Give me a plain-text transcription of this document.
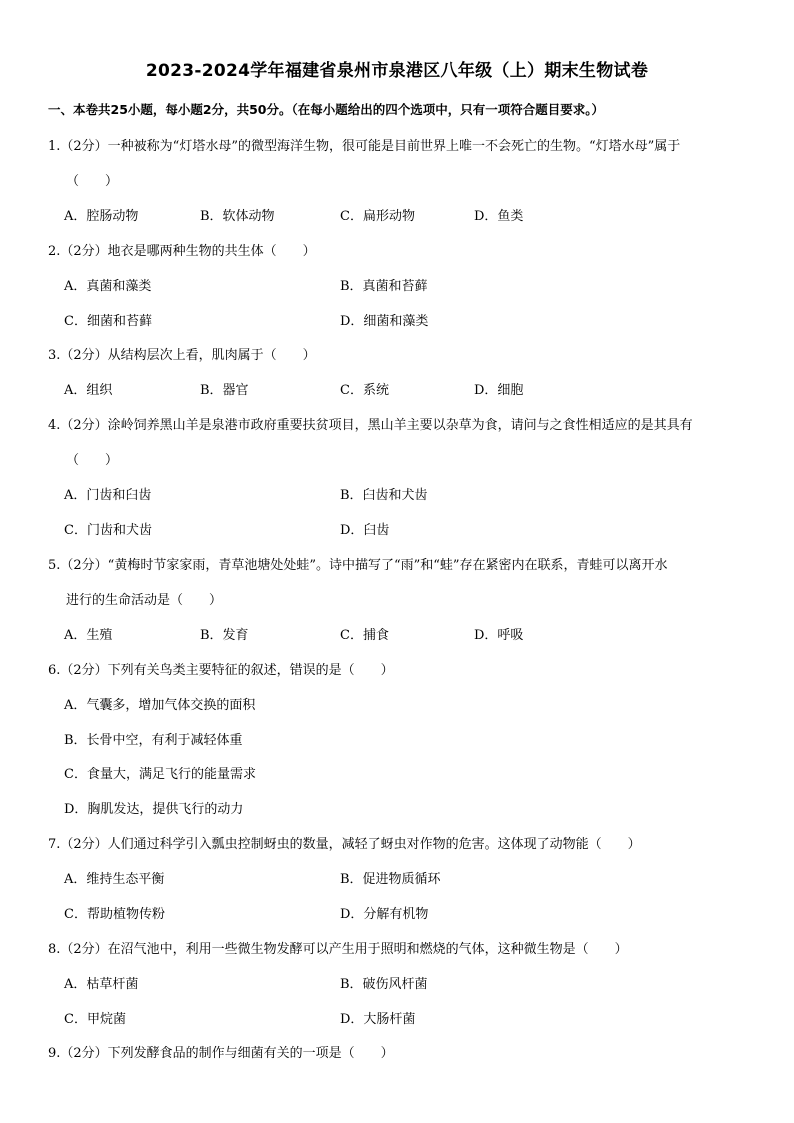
2023-2024学年福建省泉州市泉港区八年级（上）期末生物试卷
一、本卷共25小题，每小题2分，共50分。（在每小题给出的四个选项中，只有一项符合题目要求。）
1.（2分）一种被称为“灯塔水母”的微型海洋生物，很可能是目前世界上唯一不会死亡的生物。“灯塔水母”属于
（　　）
A．腔肠动物	B．软体动物	C．扁形动物	D．鱼类
2.（2分）地衣是哪两种生物的共生体（　　）
A．真菌和藻类	B．真菌和苔藓
C．细菌和苔藓	D．细菌和藻类
3.（2分）从结构层次上看，肌肉属于（　　）
A．组织	B．器官	C．系统	D．细胞
4.（2分）涂岭饲养黑山羊是泉港市政府重要扶贫项目，黑山羊主要以杂草为食，请问与之食性相适应的是其具有
（　　）
A．门齿和臼齿	B．臼齿和犬齿
C．门齿和犬齿	D．臼齿
5.（2分）“黄梅时节家家雨，青草池塘处处蛙”。诗中描写了“雨”和“蛙”存在紧密内在联系，青蛙可以离开水
进行的生命活动是（　　）
A．生殖	B．发育	C．捕食	D．呼吸
6.（2分）下列有关鸟类主要特征的叙述，错误的是（　　）
A．气囊多，增加气体交换的面积
B．长骨中空，有利于减轻体重
C．食量大，满足飞行的能量需求
D．胸肌发达，提供飞行的动力
7.（2分）人们通过科学引入瓢虫控制蚜虫的数量，减轻了蚜虫对作物的危害。这体现了动物能（　　）
A．维持生态平衡	B．促进物质循环
C．帮助植物传粉	D．分解有机物
8.（2分）在沼气池中，利用一些微生物发酵可以产生用于照明和燃烧的气体，这种微生物是（　　）
A．枯草杆菌	B．破伤风杆菌
C．甲烷菌	D．大肠杆菌
9.（2分）下列发酵食品的制作与细菌有关的一项是（　　）
